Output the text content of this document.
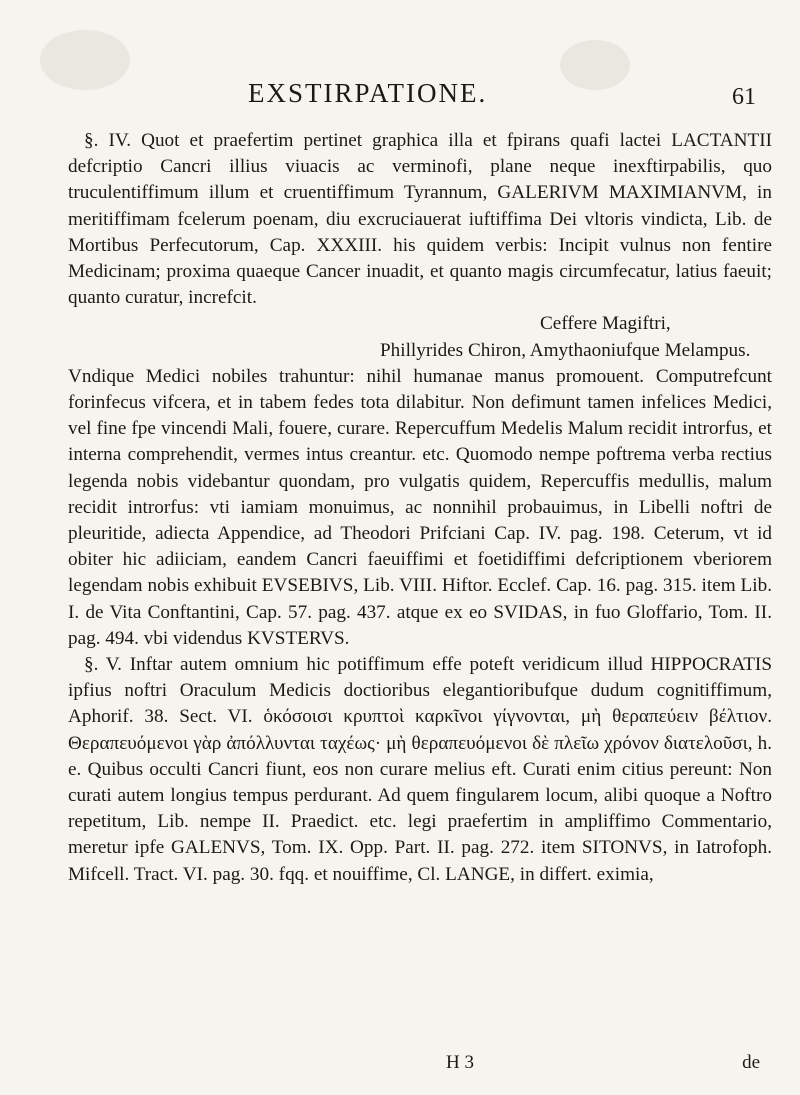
EXSTIRPATIONE.	61

§. IV. Quot et praefertim pertinet graphica illa et fpirans quafi lactei LACTANTII defcriptio Cancri illius viuacis ac verminofi, plane neque inexftirpabilis, quo truculentiffimum illum et cruentiffimum Tyrannum, GALERIVM MAXIMIANVM, in meritiffimam fcelerum poenam, diu excruciauerat iuftiffima Dei vltoris vindicta, Lib. de Mortibus Perfecutorum, Cap. XXXIII. his quidem verbis: Incipit vulnus non fentire Medicinam; proxima quaeque Cancer inuadit, et quanto magis circumfecatur, latius faeuit; quanto curatur, increfcit.

Ceffere Magiftri,
Phillyrides Chiron, Amythaoniufque Melampus.

Vndique Medici nobiles trahuntur: nihil humanae manus promouent. Computrefcunt forinfecus vifcera, et in tabem fedes tota dilabitur. Non defimunt tamen infelices Medici, vel fine fpe vincendi Mali, fouere, curare. Repercuffum Medelis Malum recidit introrfus, et interna comprehendit, vermes intus creantur. etc. Quomodo nempe poftrema verba rectius legenda nobis videbantur quondam, pro vulgatis quidem, Repercuffis medullis, malum recidit introrfus: vti iamiam monuimus, ac nonnihil probauimus, in Libelli noftri de pleuritide, adiecta Appendice, ad Theodori Prifciani Cap. IV. pag. 198. Ceterum, vt id obiter hic adiiciam, eandem Cancri faeuiffimi et foetidiffimi defcriptionem vberiorem legendam nobis exhibuit EVSEBIVS, Lib. VIII. Hiftor. Ecclef. Cap. 16. pag. 315. item Lib. I. de Vita Conftantini, Cap. 57. pag. 437. atque ex eo SVIDAS, in fuo Gloffario, Tom. II. pag. 494. vbi videndus KVSTERVS.

§. V. Inftar autem omnium hic potiffimum effe poteft veridicum illud HIPPOCRATIS ipfius noftri Oraculum Medicis doctioribus elegantioribufque dudum cognitiffimum, Aphorif. 38. Sect. VI. ὁκόσοισι κρυπτοὶ καρκῖνοι γίγνονται, μὴ θεραπεύειν βέλτιον. Θεραπευόμενοι γὰρ ἀπόλλυνται ταχέως· μὴ θεραπευόμενοι δὲ πλεῖω χρόνον διατελοῦσι, h. e. Quibus occulti Cancri fiunt, eos non curare melius eft. Curati enim citius pereunt: Non curati autem longius tempus perdurant. Ad quem fingularem locum, alibi quoque a Noftro repetitum, Lib. nempe II. Praedict. etc. legi praefertim in ampliffimo Commentario, meretur ipfe GALENVS, Tom. IX. Opp. Part. II. pag. 272. item SITONVS, in Iatrofoph. Mifcell. Tract. VI. pag. 30. fqq. et nouiffime, Cl. LANGE, in differt. eximia,

H 3	de
